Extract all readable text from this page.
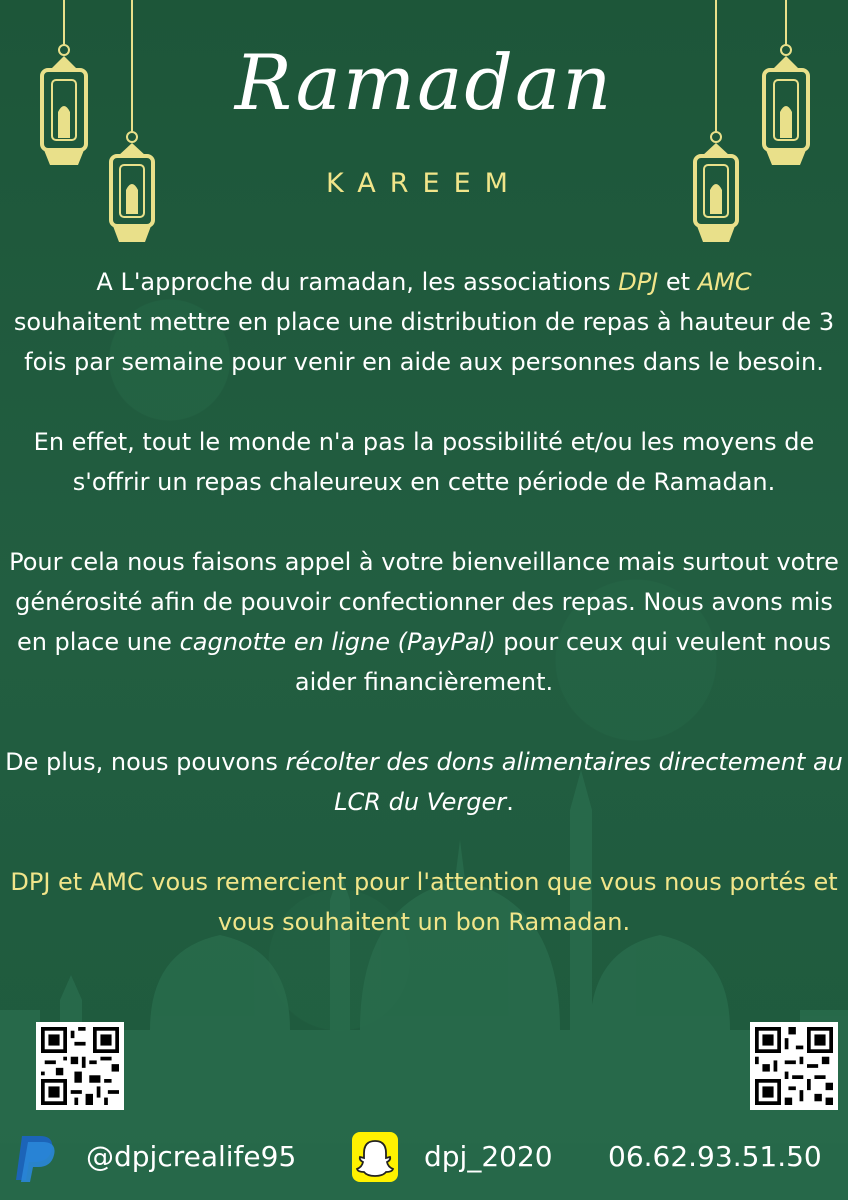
Ramadan
KAREEM

A L'approche du ramadan, les associations DPJ et AMC
souhaitent mettre en place une distribution de repas à hauteur de 3 fois par semaine pour venir en aide aux personnes dans le besoin.

En effet, tout le monde n'a pas la possibilité et/ou les moyens de s'offrir un repas chaleureux en cette période de Ramadan.

Pour cela nous faisons appel à votre bienveillance mais surtout votre générosité afin de pouvoir confectionner des repas. Nous avons mis en place une cagnotte en ligne (PayPal) pour ceux qui veulent nous aider financièrement.

De plus, nous pouvons récolter des dons alimentaires directement au LCR du Verger.

DPJ et AMC vous remercient pour l'attention que vous nous portés et vous souhaitent un bon Ramadan.

@dpjcrealife95	dpj_2020 06.62.93.51.50
